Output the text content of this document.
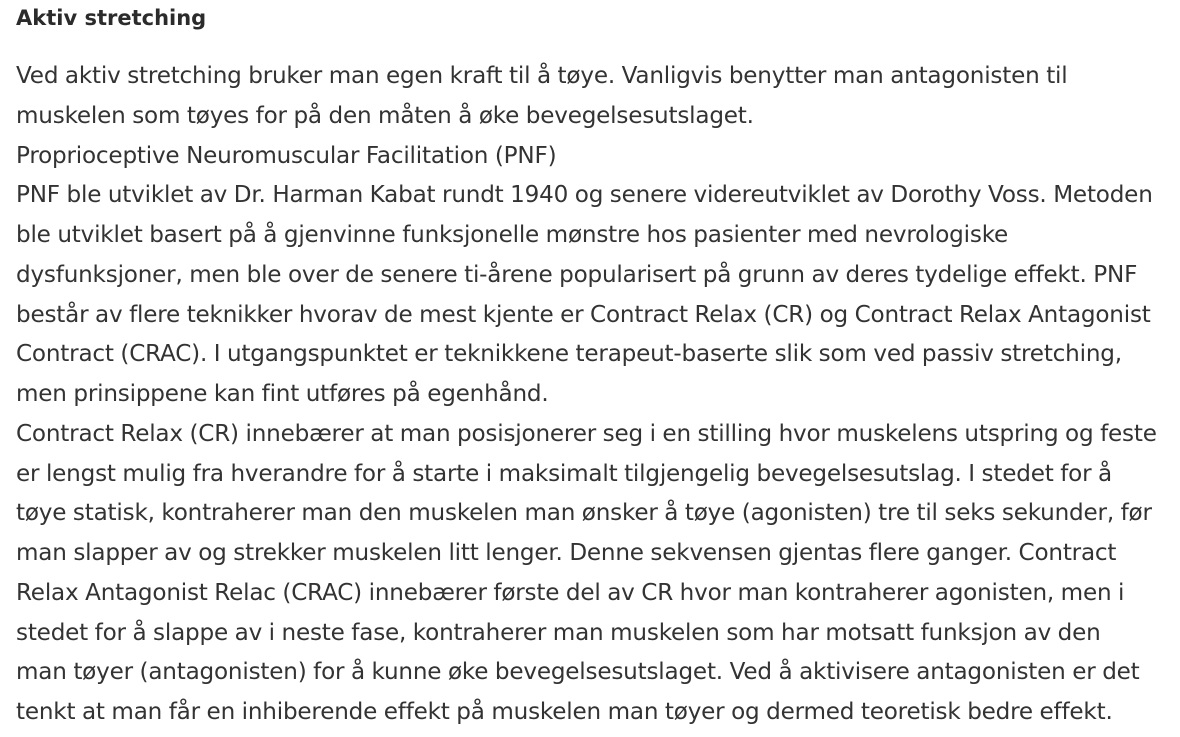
Aktiv stretching
Ved aktiv stretching bruker man egen kraft til å tøye. Vanligvis benytter man antagonisten til
muskelen som tøyes for på den måten å øke bevegelsesutslaget.
Proprioceptive Neuromuscular Facilitation (PNF)
PNF ble utviklet av Dr. Harman Kabat rundt 1940 og senere videreutviklet av Dorothy Voss. Metoden
ble utviklet basert på å gjenvinne funksjonelle mønstre hos pasienter med nevrologiske
dysfunksjoner, men ble over de senere ti-årene popularisert på grunn av deres tydelige effekt. PNF
består av flere teknikker hvorav de mest kjente er Contract Relax (CR) og Contract Relax Antagonist
Contract (CRAC). I utgangspunktet er teknikkene terapeut-baserte slik som ved passiv stretching,
men prinsippene kan fint utføres på egenhånd.
Contract Relax (CR) innebærer at man posisjonerer seg i en stilling hvor muskelens utspring og feste
er lengst mulig fra hverandre for å starte i maksimalt tilgjengelig bevegelsesutslag. I stedet for å
tøye statisk, kontraherer man den muskelen man ønsker å tøye (agonisten) tre til seks sekunder, før
man slapper av og strekker muskelen litt lenger. Denne sekvensen gjentas flere ganger. Contract
Relax Antagonist Relac (CRAC) innebærer første del av CR hvor man kontraherer agonisten, men i
stedet for å slappe av i neste fase, kontraherer man muskelen som har motsatt funksjon av den
man tøyer (antagonisten) for å kunne øke bevegelsesutslaget. Ved å aktivisere antagonisten er det
tenkt at man får en inhiberende effekt på muskelen man tøyer og dermed teoretisk bedre effekt.
